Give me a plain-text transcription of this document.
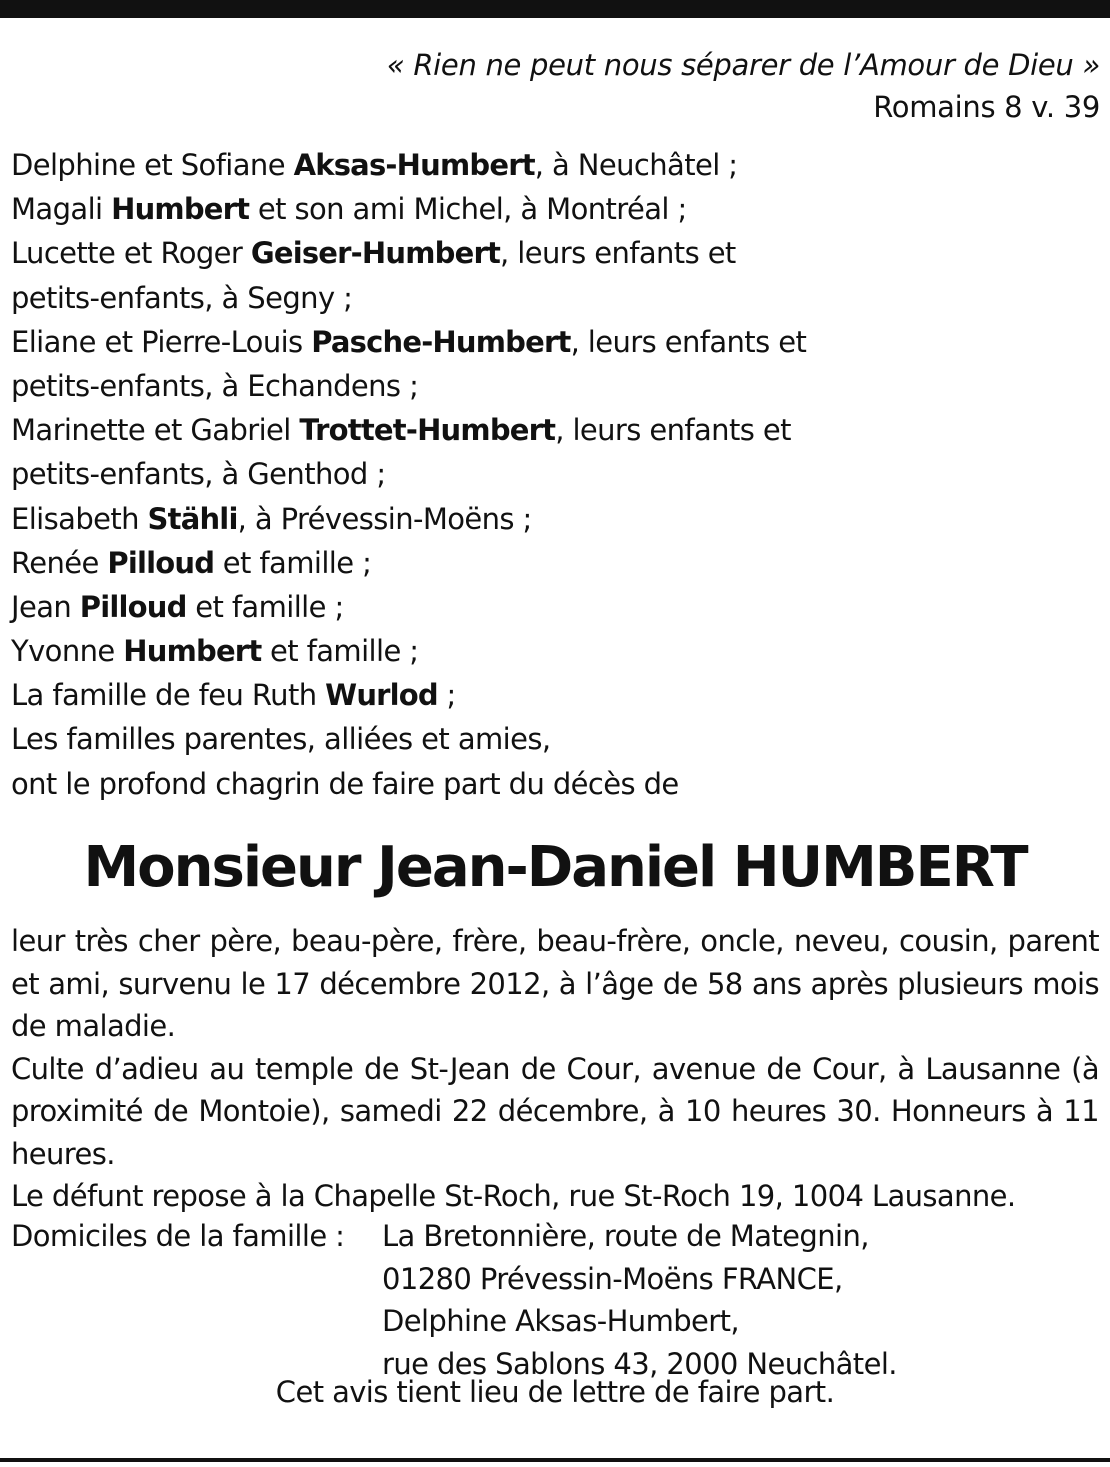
« Rien ne peut nous séparer de l’Amour de Dieu »
Romains 8 v. 39
Delphine et Sofiane Aksas-Humbert, à Neuchâtel ;
Magali Humbert et son ami Michel, à Montréal ;
Lucette et Roger Geiser-Humbert, leurs enfants et
petits-enfants, à Segny ;
Eliane et Pierre-Louis Pasche-Humbert, leurs enfants et
petits-enfants, à Echandens ;
Marinette et Gabriel Trottet-Humbert, leurs enfants et
petits-enfants, à Genthod ;
Elisabeth Stähli, à Prévessin-Moëns ;
Renée Pilloud et famille ;
Jean Pilloud et famille ;
Yvonne Humbert et famille ;
La famille de feu Ruth Wurlod ;
Les familles parentes, alliées et amies,
ont le profond chagrin de faire part du décès de
Monsieur Jean-Daniel HUMBERT

leur très cher père, beau-père, frère, beau-frère, oncle, neveu, cousin, parent et ami, survenu le 17 décembre 2012, à l’âge de 58 ans après plusieurs mois de maladie.

Culte d’adieu au temple de St-Jean de Cour, avenue de Cour, à Lausanne (à proximité de Montoie), samedi 22 décembre, à 10 heures 30. Honneurs à 11 heures.

Le défunt repose à la Chapelle St-Roch, rue St-Roch 19, 1004 Lausanne.

Domiciles de la famille :	La Bretonnière, route de Mategnin,
01280 Prévessin-Moëns FRANCE,
Delphine Aksas-Humbert,
rue des Sablons 43, 2000 Neuchâtel.
Cet avis tient lieu de lettre de faire part.
